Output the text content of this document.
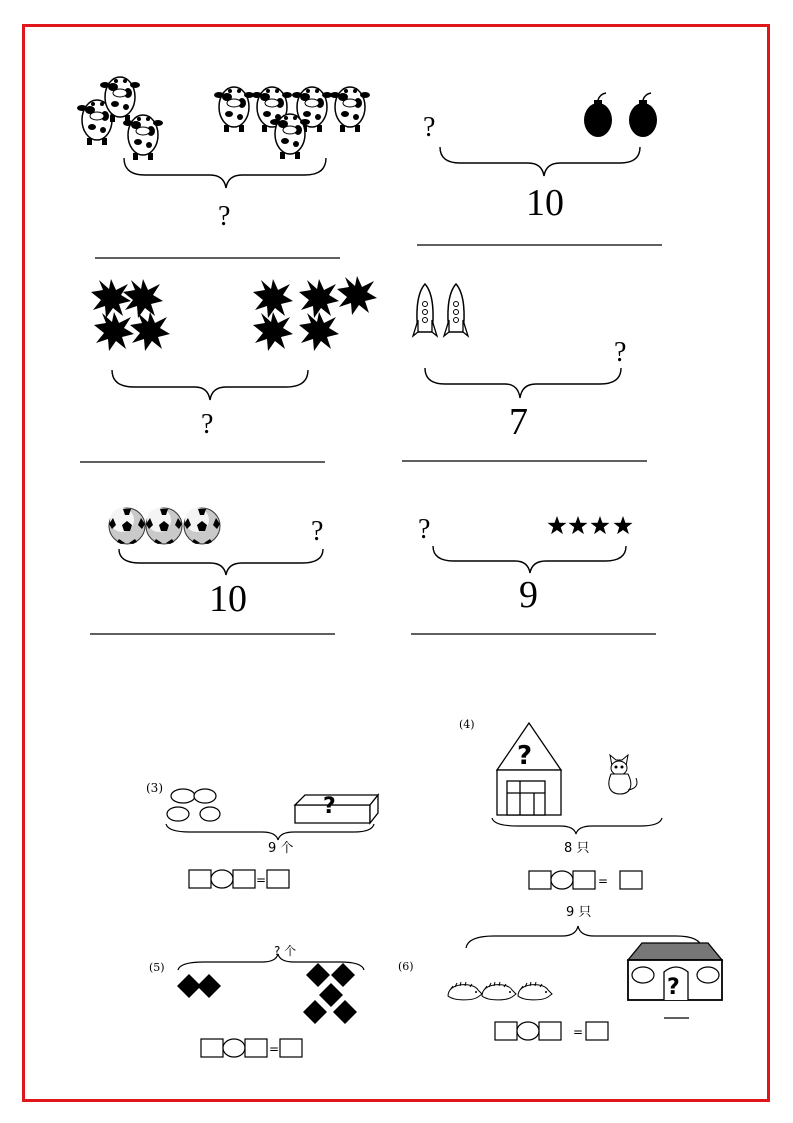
?
?
10
?
?
7
?
10
?
9
(3)
?
9 个
=
(4)
?
8 只
=
(5)
? 个
=
(6)
9 只
?
=
